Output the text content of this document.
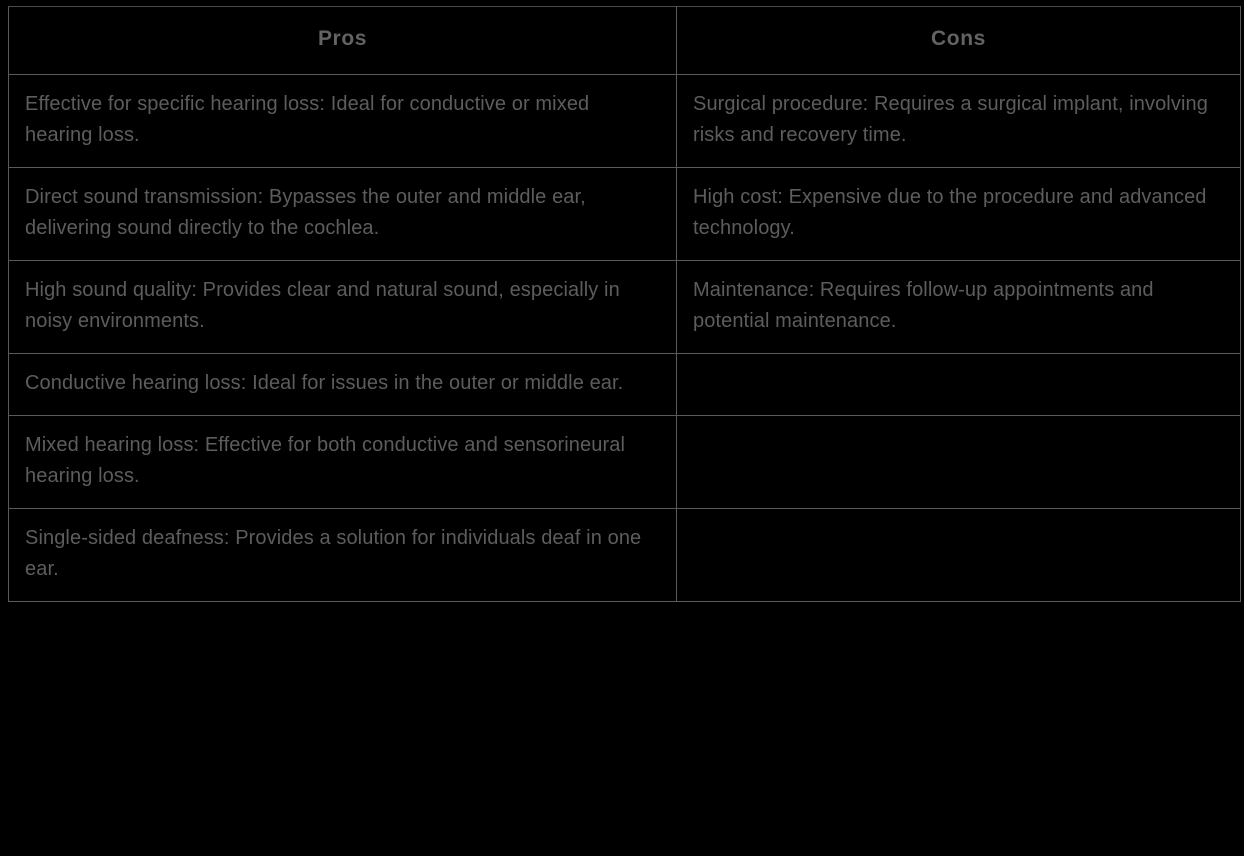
Pros	Cons

Effective for specific hearing loss: Ideal for conductive or mixed hearing loss.	Surgical procedure: Requires a surgical implant, involving risks and recovery time.

Direct sound transmission: Bypasses the outer and middle ear, delivering sound directly to the cochlea.	High cost: Expensive due to the procedure and advanced technology.

High sound quality: Provides clear and natural sound, especially in noisy environments.	Maintenance: Requires follow-up appointments and potential maintenance.

Conductive hearing loss: Ideal for issues in the outer or middle ear.	

Mixed hearing loss: Effective for both conductive and sensorineural hearing loss.	

Single-sided deafness: Provides a solution for individuals deaf in one ear.	
